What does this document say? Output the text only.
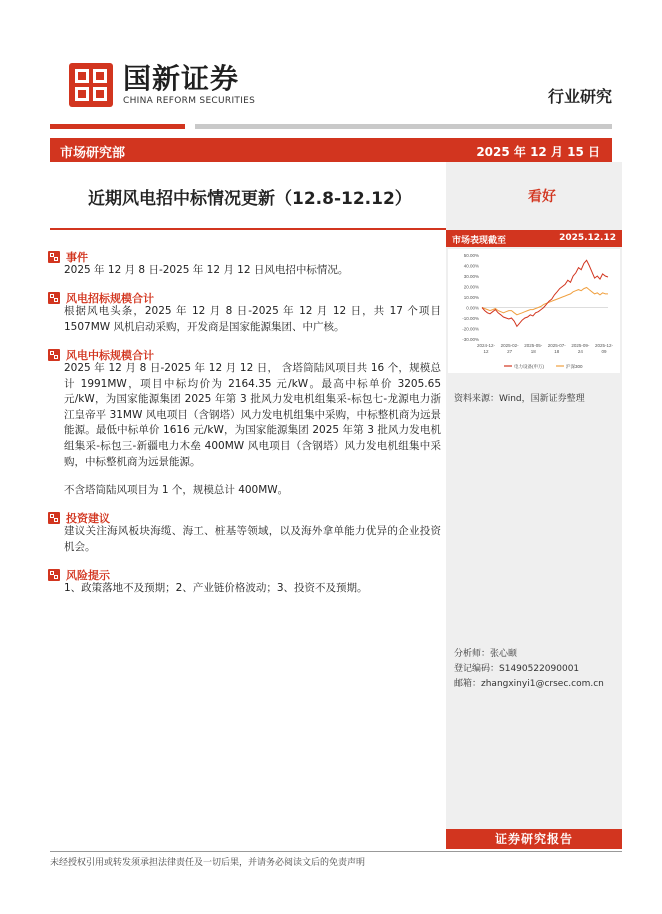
国新证券
CHINA REFORM SECURITIES	行业研究
市场研究部	2025 年 12 月 15 日
近期风电招中标情况更新（12.8-12.12）	看好
市场表现截至	2025.12.12
50.00%
40.00%
30.00%
20.00%
10.00%
0.00%
-10.00%
-20.00%
-30.00%
2024-12-
12
2025-02-
27
2025-05-
18
2025-07-
18
2025-09-
24
2025-12-
09
电力设备(申万)	沪深300
资料来源：Wind，国新证券整理
分析师：张心颐
登记编码：S1490522090001
邮箱：zhangxinyi1@crsec.com.cn
证券研究报告
未经授权引用或转发须承担法律责任及一切后果，并请务必阅读文后的免责声明
事件
2025 年 12 月 8 日-2025 年 12 月 12 日风电招中标情况。
风电招标规模合计
根据风电头条，2025 年 12 月 8 日-2025 年 12 月 12 日，共 17 个项目 1507MW 风机启动采购，开发商是国家能源集团、中广核。
风电中标规模合计
2025 年 12 月 8 日-2025 年 12 月 12 日， 含塔筒陆风项目共 16 个，规模总计 1991MW，项目中标均价为 2164.35 元/kW。最高中标单价 3205.65 元/kW，为国家能源集团 2025 年第 3 批风力发电机组集采-标包七-龙源电力浙江皇帝平 31MW 风电项目（含钢塔）风力发电机组集中采购，中标整机商为远景能源。最低中标单价 1616 元/kW，为国家能源集团 2025 年第 3 批风力发电机组集采-标包三-新疆电力木垒 400MW 风电项目（含钢塔）风力发电机组集中采购，中标整机商为远景能源。
不含塔筒陆风项目为 1 个，规模总计 400MW。
投资建议
建议关注海风板块海缆、海工、桩基等领域，以及海外拿单能力优异的企业投资机会。
风险提示
1、政策落地不及预期；2、产业链价格波动；3、投资不及预期。
